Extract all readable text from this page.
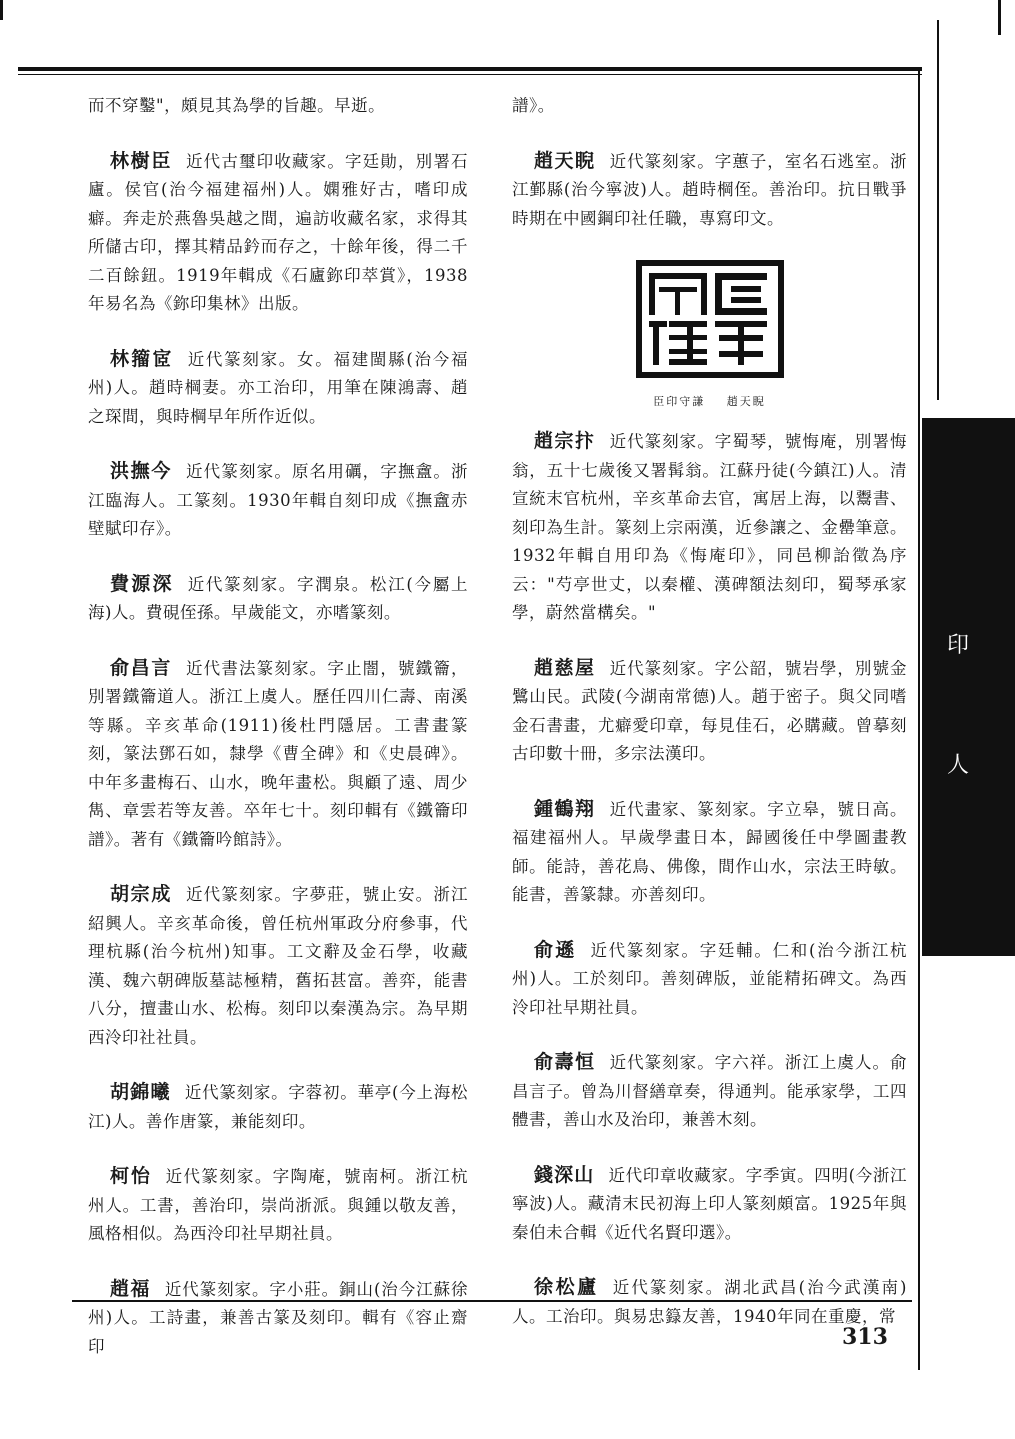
而不穿鑿"，頗見其為學的旨趣。早逝。
林樹臣 近代古璽印收藏家。字廷勛，別署石廬。侯官(治今福建福州)人。嫻雅好古，嗜印成癖。奔走於燕魯吳越之間，遍訪收藏名家，求得其所儲古印，擇其精品鈐而存之，十餘年後，得二千二百餘鈕。1919年輯成《石廬鉨印萃賞》，1938年易名為《鉨印集林》出版。
林籀宧 近代篆刻家。女。福建閩縣(治今福州)人。趙時棡妻。亦工治印，用筆在陳鴻壽、趙之琛間，與時棡早年所作近似。
洪撫今 近代篆刻家。原名用礪，字撫盦。浙江臨海人。工篆刻。1930年輯自刻印成《撫盦赤壁賦印存》。
費源深 近代篆刻家。字潤泉。松江(今屬上海)人。費硯侄孫。早歲能文，亦嗜篆刻。
俞昌言 近代書法篆刻家。字止闇，號鐵籥，別署鐵籥道人。浙江上虞人。歷任四川仁壽、南溪等縣。辛亥革命(1911)後杜門隱居。工書畫篆刻，篆法鄧石如，隸學《曹全碑》和《史晨碑》。中年多畫梅石、山水，晚年畫松。與顧了遠、周少雋、章雲若等友善。卒年七十。刻印輯有《鐵籥印譜》。著有《鐵籥吟館詩》。
胡宗成 近代篆刻家。字夢莊，號止安。浙江紹興人。辛亥革命後，曾任杭州軍政分府參事，代理杭縣(治今杭州)知事。工文辭及金石學，收藏漢、魏六朝碑版墓誌極精，舊拓甚富。善弈，能書八分，擅畫山水、松梅。刻印以秦漢為宗。為早期西泠印社社員。
胡錦曦 近代篆刻家。字蓉初。華亭(今上海松江)人。善作唐篆，兼能刻印。
柯怡 近代篆刻家。字陶庵，號南柯。浙江杭州人。工書，善治印，崇尚浙派。與鍾以敬友善，風格相似。為西泠印社早期社員。
趙福 近代篆刻家。字小莊。銅山(治今江蘇徐州)人。工詩畫，兼善古篆及刻印。輯有《容止齋印
譜》。
趙天睨 近代篆刻家。字蕙子，室名石逃室。浙江鄞縣(治今寧波)人。趙時棡侄。善治印。抗日戰爭時期在中國鋼印社任職，專寫印文。
臣印守謙 趙天睨
趙宗抃 近代篆刻家。字蜀琴，號悔庵，別署悔翁，五十七歲後又署髯翁。江蘇丹徒(今鎮江)人。清宣統末官杭州，辛亥革命去官，寓居上海，以鬻書、刻印為生計。篆刻上宗兩漢，近參讓之、金罍筆意。1932年輯自用印為《悔庵印》，同邑柳詒徵為序云："芍亭世丈，以秦權、漢碑額法刻印，蜀琴承家學，蔚然當構矣。"
趙慈屋 近代篆刻家。字公韶，號岩學，別號金鷺山民。武陵(今湖南常德)人。趙于密子。與父同嗜金石書畫，尤癖愛印章，每見佳石，必購藏。曾摹刻古印數十冊，多宗法漢印。
鍾鶴翔 近代畫家、篆刻家。字立皋，號日高。福建福州人。早歲學畫日本，歸國後任中學圖畫教師。能詩，善花鳥、佛像，間作山水，宗法王時敏。能書，善篆隸。亦善刻印。
俞遜 近代篆刻家。字廷輔。仁和(治今浙江杭州)人。工於刻印。善刻碑版，並能精拓碑文。為西泠印社早期社員。
俞壽恒 近代篆刻家。字六祥。浙江上虞人。俞昌言子。曾為川督繕章奏，得通判。能承家學，工四體書，善山水及治印，兼善木刻。
錢深山 近代印章收藏家。字季寅。四明(今浙江寧波)人。藏清末民初海上印人篆刻頗富。1925年與秦伯未合輯《近代名賢印選》。
徐松廬 近代篆刻家。湖北武昌(治今武漢南)人。工治印。與易忠籙友善，1940年同在重慶，常
印
人
313
